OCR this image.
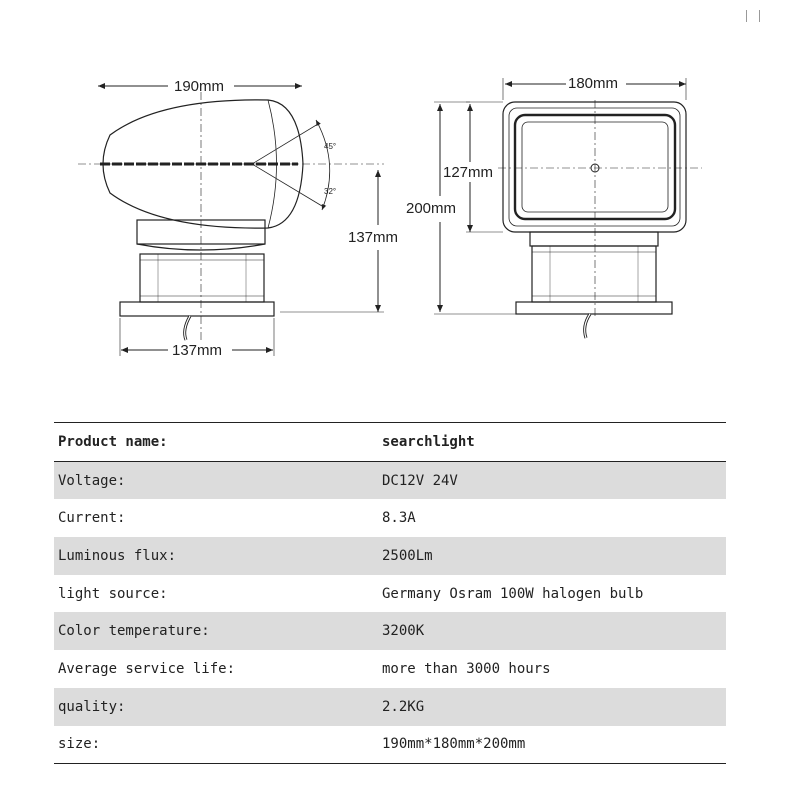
190mm
137mm
137mm
45°
32°
180mm
127mm
200mm
Product name:	searchlight
Voltage:	DC12V 24V
Current:	8.3A
Luminous flux:	2500Lm
light source:	Germany Osram 100W halogen bulb
Color temperature:	3200K
Average service life:	more than 3000 hours
quality:	2.2KG
size:	190mm*180mm*200mm
